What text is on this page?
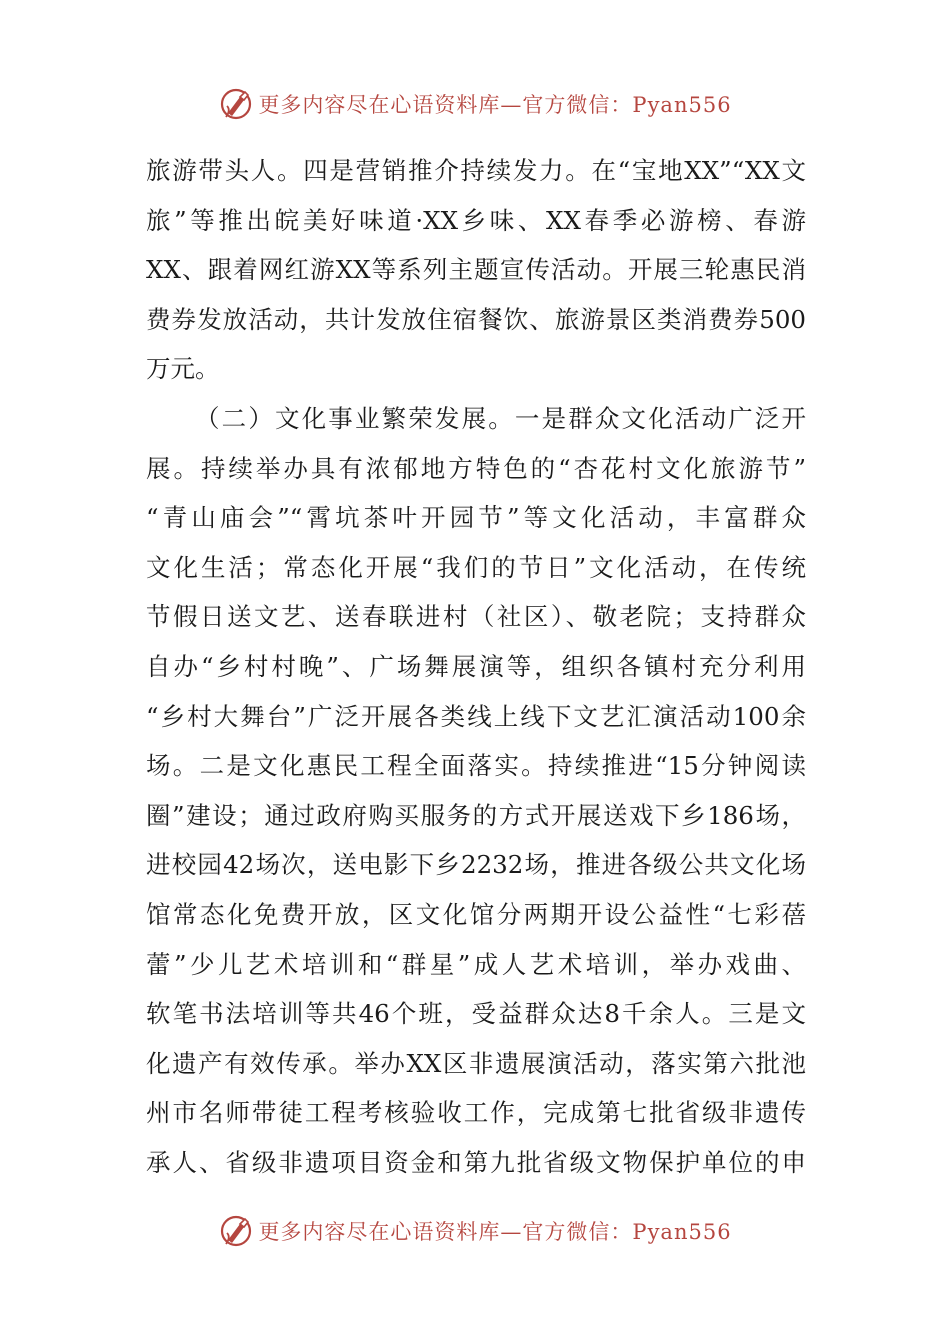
更多内容尽在心语资料库—官方微信：Pyan556
旅游带头人。四是营销推介持续发力。在“宝地XX”“XX文
旅”等推出皖美好味道·XX乡味、XX春季必游榜、春游
XX、跟着网红游XX等系列主题宣传活动。开展三轮惠民消
费券发放活动，共计发放住宿餐饮、旅游景区类消费券500
万元。
（二）文化事业繁荣发展。一是群众文化活动广泛开
展。持续举办具有浓郁地方特色的“杏花村文化旅游节”
“青山庙会”“霄坑茶叶开园节”等文化活动，丰富群众
文化生活；常态化开展“我们的节日”文化活动，在传统
节假日送文艺、送春联进村（社区）、敬老院；支持群众
自办“乡村村晚”、广场舞展演等，组织各镇村充分利用
“乡村大舞台”广泛开展各类线上线下文艺汇演活动100余
场。二是文化惠民工程全面落实。持续推进“15分钟阅读
圈”建设；通过政府购买服务的方式开展送戏下乡186场，
进校园42场次，送电影下乡2232场，推进各级公共文化场
馆常态化免费开放，区文化馆分两期开设公益性“七彩蓓
蕾”少儿艺术培训和“群星”成人艺术培训，举办戏曲、
软笔书法培训等共46个班，受益群众达8千余人。三是文
化遗产有效传承。举办XX区非遗展演活动，落实第六批池
州市名师带徒工程考核验收工作，完成第七批省级非遗传
承人、省级非遗项目资金和第九批省级文物保护单位的申
更多内容尽在心语资料库—官方微信：Pyan556
